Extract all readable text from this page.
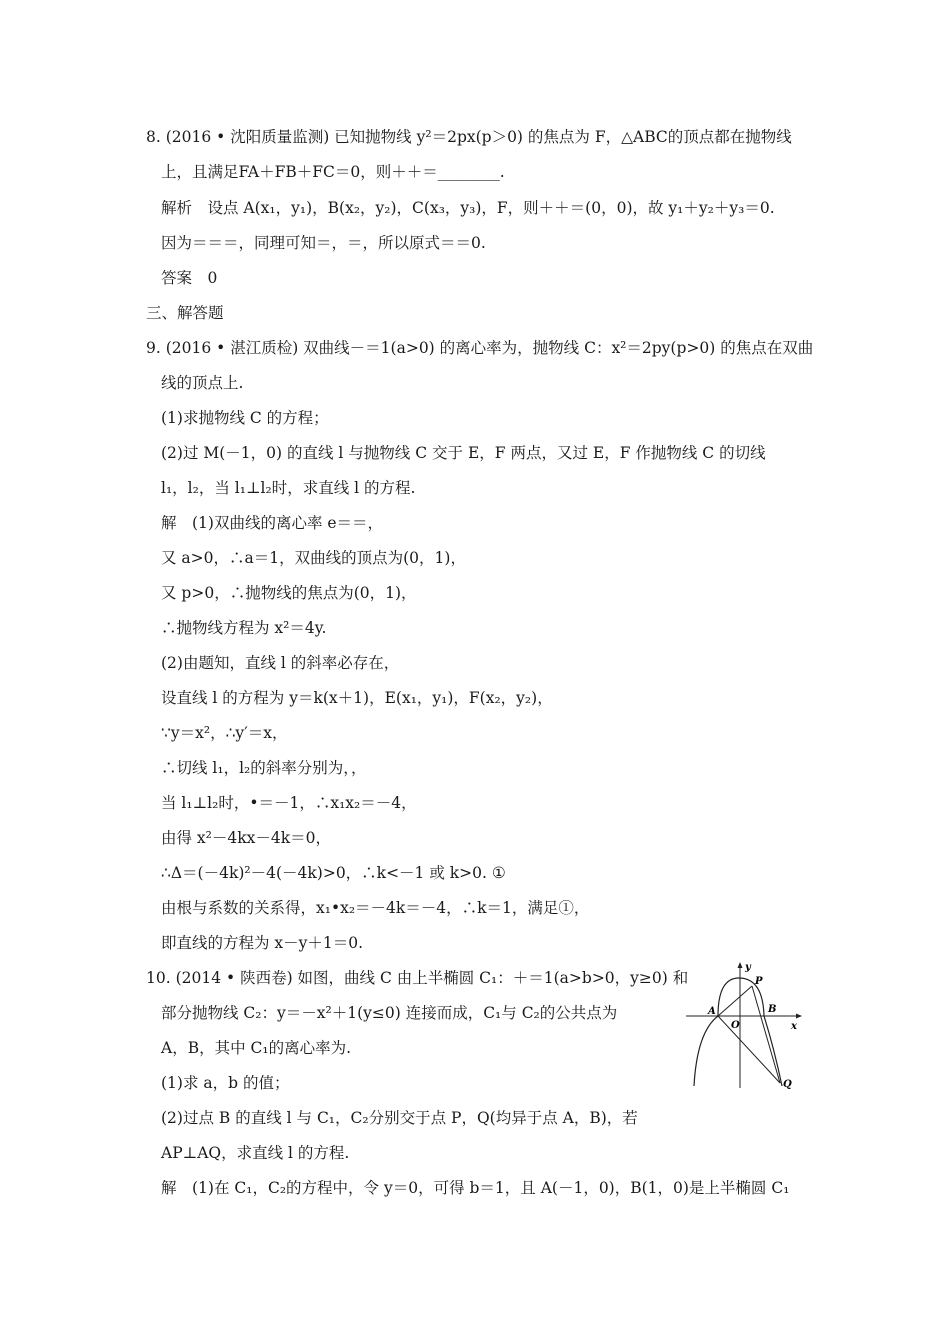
8. (2016 • 沈阳质量监测) 已知抛物线 y²＝2px(p＞0) 的焦点为 F，△ABC的顶点都在抛物线
上，且满足FA＋FB＋FC＝0，则＋＋＝________.
解析　设点 A(x₁，y₁)，B(x₂，y₂)，C(x₃，y₃)，F，则＋＋＝(0，0)，故 y₁＋y₂＋y₃＝0.
因为＝＝＝，同理可知＝，＝，所以原式＝＝0.
答案　0
三、解答题
9. (2016 • 湛江质检) 双曲线－＝1(a>0) 的离心率为，抛物线 C：x²＝2py(p>0) 的焦点在双曲
线的顶点上.
(1)求抛物线 C 的方程；
(2)过 M(－1，0) 的直线 l 与抛物线 C 交于 E，F 两点，又过 E，F 作抛物线 C 的切线
l₁，l₂，当 l₁⊥l₂时，求直线 l 的方程.
解　(1)双曲线的离心率 e＝＝，
又 a>0，∴a＝1，双曲线的顶点为(0，1)，
又 p>0，∴抛物线的焦点为(0，1)，
∴抛物线方程为 x²＝4y.
(2)由题知，直线 l 的斜率必存在，
设直线 l 的方程为 y＝k(x＋1)，E(x₁，y₁)，F(x₂，y₂)，
∵y＝x²，∴y′＝x，
∴切线 l₁，l₂的斜率分别为，，
当 l₁⊥l₂时，•＝－1，∴x₁x₂＝－4，
由得 x²－4kx－4k＝0，
∴Δ＝(－4k)²－4(－4k)>0，∴k<－1 或 k>0. ①
由根与系数的关系得，x₁•x₂＝－4k＝－4，∴k＝1，满足①，
即直线的方程为 x－y＋1＝0.
10. (2014 • 陕西卷) 如图，曲线 C 由上半椭圆 C₁：＋＝1(a>b>0，y≥0) 和
部分抛物线 C₂：y＝－x²＋1(y≤0) 连接而成，C₁与 C₂的公共点为
A，B，其中 C₁的离心率为.
(1)求 a，b 的值；
(2)过点 B 的直线 l 与 C₁，C₂分别交于点 P，Q(均异于点 A，B)，若
AP⊥AQ，求直线 l 的方程.
解　(1)在 C₁，C₂的方程中，令 y＝0，可得 b＝1，且 A(－1，0)，B(1，0)是上半椭圆 C₁
y
x
P
A
O
B
Q
